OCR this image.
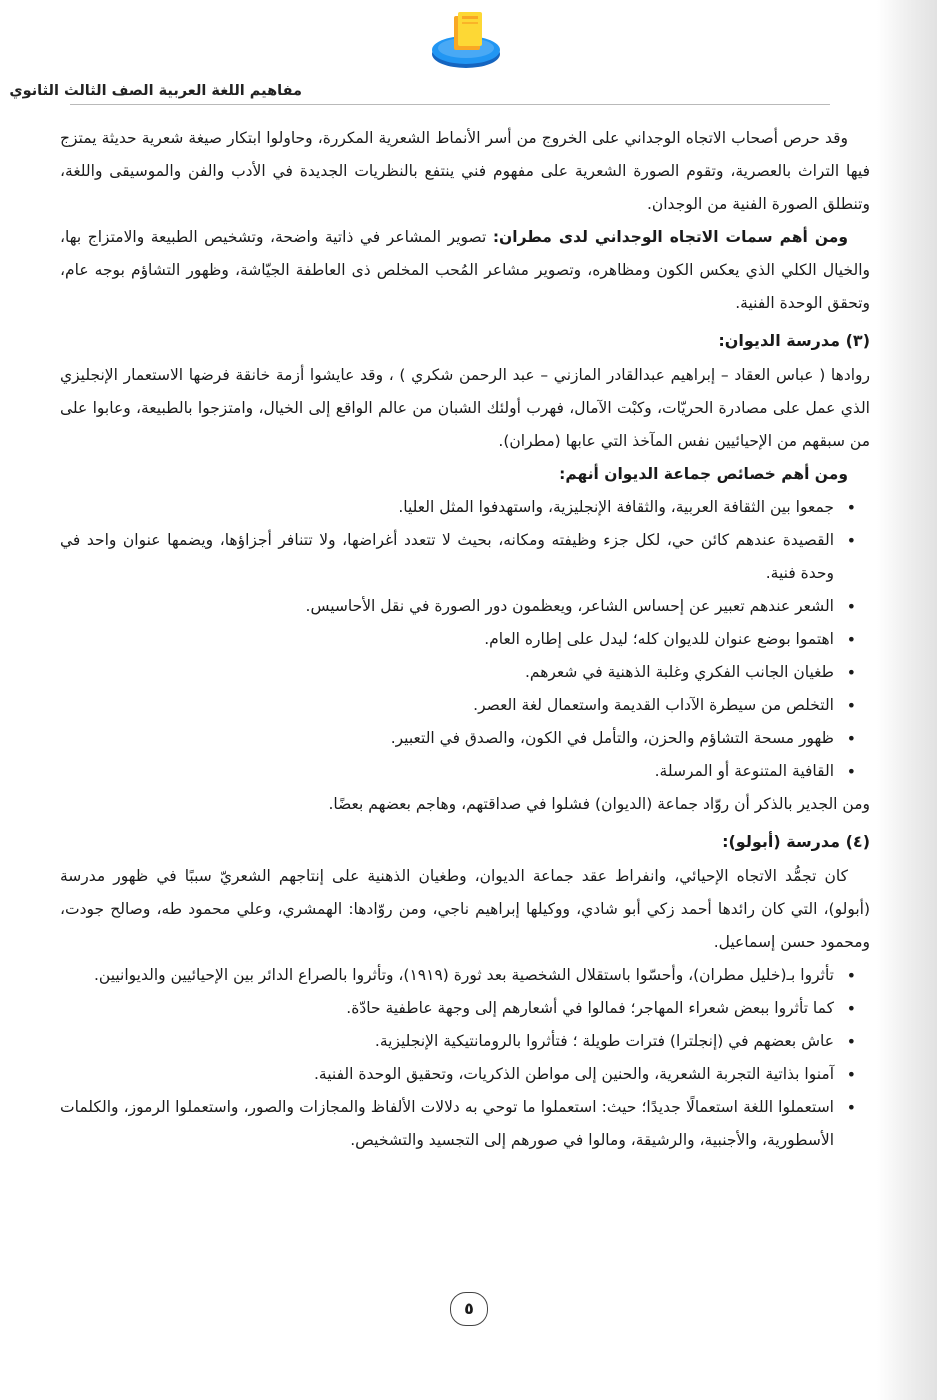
مفاهيم اللغة العربية الصف الثالث الثانوي

وقد حرص أصحاب الاتجاه الوجداني على الخروج من أسر الأنماط الشعرية المكررة، وحاولوا ابتكار صيغة شعرية حديثة يمتزج فيها التراث بالعصرية، وتقوم الصورة الشعرية على مفهوم فني ينتفع بالنظريات الجديدة في الأدب والفن والموسيقى واللغة، وتنطلق الصورة الفنية من الوجدان.

ومن أهم سمات الاتجاه الوجداني لدى مطران: تصوير المشاعر في ذاتية واضحة، وتشخيص الطبيعة والامتزاج بها، والخيال الكلي الذي يعكس الكون ومظاهره، وتصوير مشاعر المُحب المخلص ذى العاطفة الجيّاشة، وظهور التشاؤم بوجه عام، وتحقق الوحدة الفنية.

(٣) مدرسة الديوان:

روادها ( عباس العقاد – إبراهيم عبدالقادر المازني – عبد الرحمن شكري ) ، وقد عايشوا أزمة خانقة فرضها الاستعمار الإنجليزي الذي عمل على مصادرة الحريّات، وكبْت الآمال، فهرب أولئك الشبان من عالم الواقع إلى الخيال، وامتزجوا بالطبيعة، وعابوا على من سبقهم من الإحيائيين نفس المآخذ التي عابها (مطران).

ومن أهم خصائص جماعة الديوان أنهم:

• جمعوا بين الثقافة العربية، والثقافة الإنجليزية، واستهدفوا المثل العليا.
• القصيدة عندهم كائن حي، لكل جزء وظيفته ومكانه، بحيث لا تتعدد أغراضها، ولا تتنافر أجزاؤها، ويضمها عنوان واحد في وحدة فنية.
• الشعر عندهم تعبير عن إحساس الشاعر، ويعظمون دور الصورة في نقل الأحاسيس.
• اهتموا بوضع عنوان للديوان كله؛ ليدل على إطاره العام.
• طغيان الجانب الفكري وغلبة الذهنية في شعرهم.
• التخلص من سيطرة الآداب القديمة واستعمال لغة العصر.
• ظهور مسحة التشاؤم والحزن، والتأمل في الكون، والصدق في التعبير.
• القافية المتنوعة أو المرسلة.

ومن الجدير بالذكر أن روّاد جماعة (الديوان) فشلوا في صداقتهم، وهاجم بعضهم بعضًا.

(٤) مدرسة (أبولو):

كان تجمُّد الاتجاه الإحيائي، وانفراط عقد جماعة الديوان، وطغيان الذهنية على إنتاجهم الشعريّ سببًا في ظهور مدرسة (أبولو)، التي كان رائدها أحمد زكي أبو شادي، ووكيلها إبراهيم ناجي، ومن روّادها: الهمشري، وعلي محمود طه، وصالح جودت، ومحمود حسن إسماعيل.

• تأثروا بـ(خليل مطران)، وأحسّوا باستقلال الشخصية بعد ثورة (١٩١٩)، وتأثروا بالصراع الدائر بين الإحيائيين والديوانيين.
• كما تأثروا ببعض شعراء المهاجر؛ فمالوا في أشعارهم إلى وجهة عاطفية حادّة.
• عاش بعضهم في (إنجلترا) فترات طويلة ؛ فتأثروا بالرومانتيكية الإنجليزية.
• آمنوا بذاتية التجربة الشعرية، والحنين إلى مواطن الذكريات، وتحقيق الوحدة الفنية.
• استعملوا اللغة استعمالًا جديدًا؛ حيث: استعملوا ما توحي به دلالات الألفاظ والمجازات والصور، واستعملوا الرموز، والكلمات الأسطورية، والأجنبية، والرشيقة، ومالوا في صورهم إلى التجسيد والتشخيص.
٥
